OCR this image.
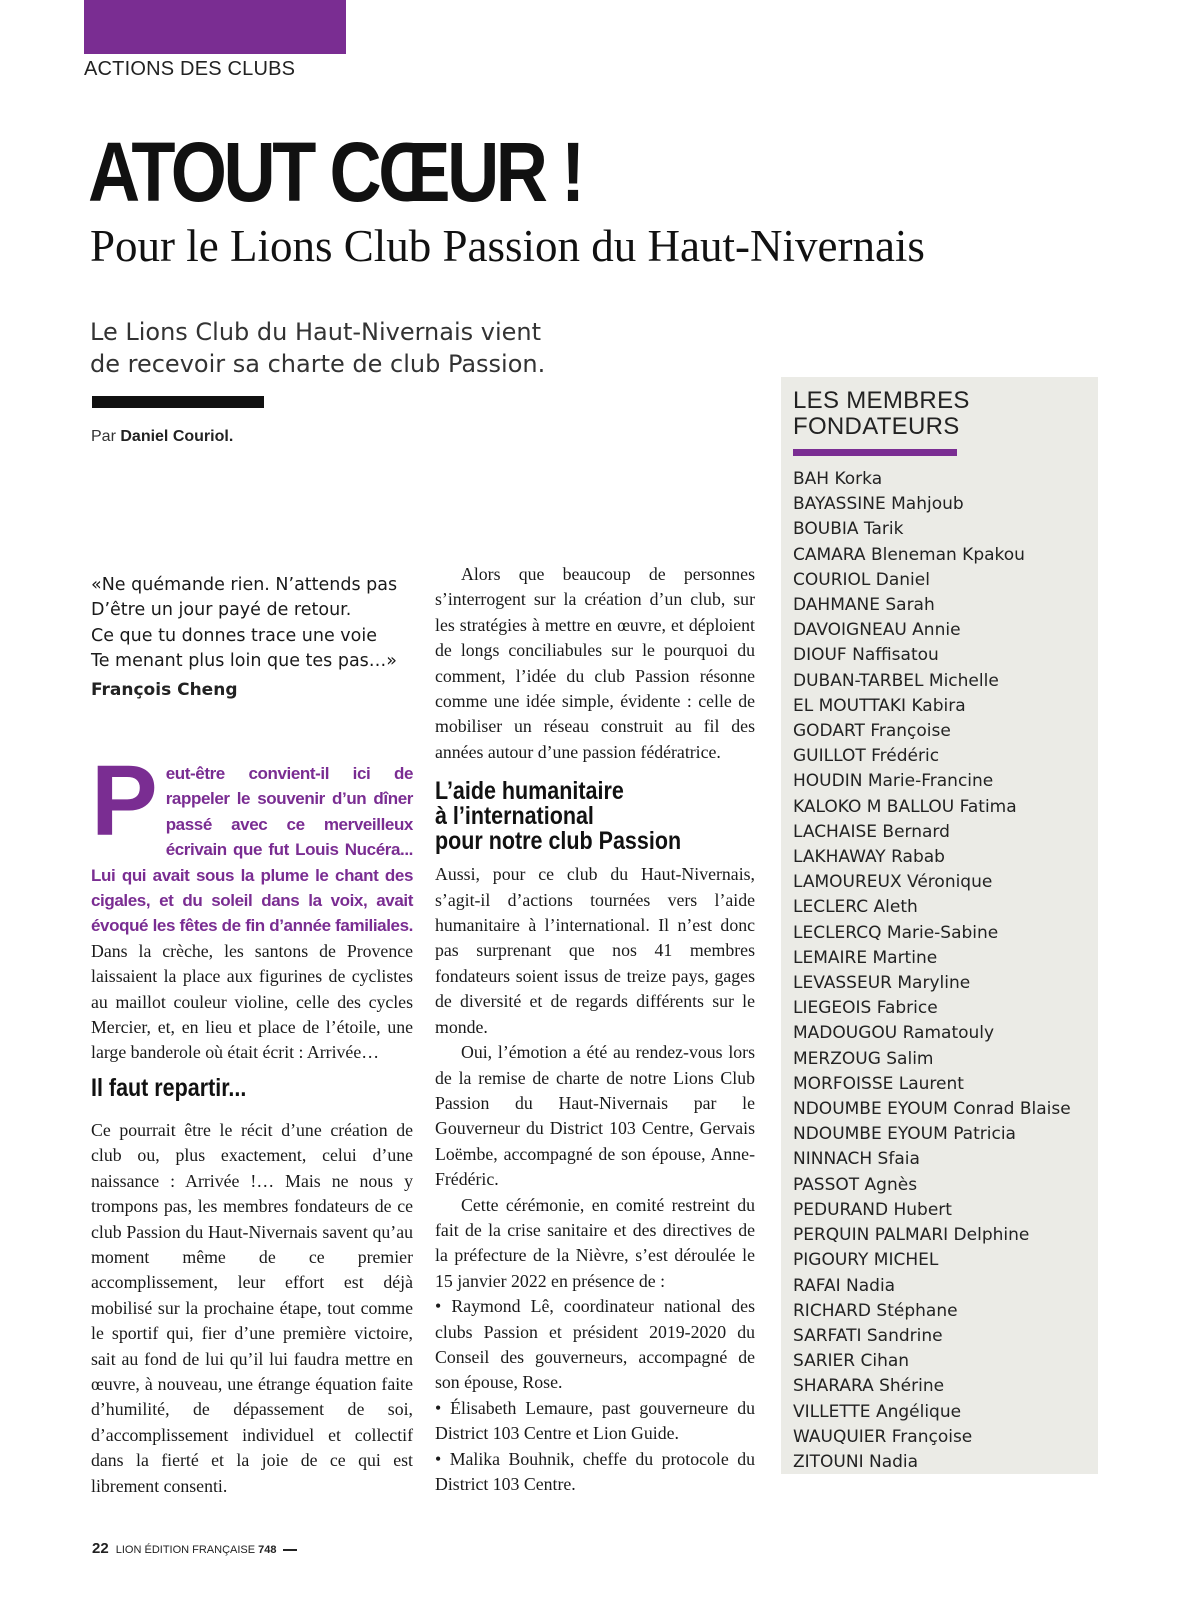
ACTIONS DES CLUBS
ATOUT CŒUR !
Pour le Lions Club Passion du Haut-Nivernais
Le Lions Club du Haut-Nivernais vient
de recevoir sa charte de club Passion.
Par Daniel Couriol.
«Ne quémande rien. N’attends pas
D’être un jour payé de retour.
Ce que tu donnes trace une voie
Te menant plus loin que tes pas…»
François Cheng

Peut-être convient-il ici de rappeler le souvenir d’un dîner passé avec ce merveilleux écrivain que fut Louis Nucéra... Lui qui avait sous la plume le chant des cigales, et du soleil dans la voix, avait évoqué les fêtes de fin d’année familiales. Dans la crèche, les santons de Provence laissaient la place aux figurines de cyclistes au maillot couleur violine, celle des cycles Mercier, et, en lieu et place de l’étoile, une large banderole où était écrit : Arrivée…

Il faut repartir...

Ce pourrait être le récit d’une création de club ou, plus exactement, celui d’une naissance : Arrivée !… Mais ne nous y trompons pas, les membres fondateurs de ce club Passion du Haut-Nivernais savent qu’au moment même de ce premier accomplissement, leur effort est déjà mobilisé sur la prochaine étape, tout comme le sportif qui, fier d’une première victoire, sait au fond de lui qu’il lui faudra mettre en œuvre, à nouveau, une étrange équation faite d’humilité, de dépassement de soi, d’accomplissement individuel et collectif dans la fierté et la joie de ce qui est librement consenti.

Alors que beaucoup de personnes s’interrogent sur la création d’un club, sur les stratégies à mettre en œuvre, et déploient de longs conciliabules sur le pourquoi du comment, l’idée du club Passion résonne comme une idée simple, évidente : celle de mobiliser un réseau construit au fil des années autour d’une passion fédératrice.

L’aide humanitaire
à l’international
pour notre club Passion

Aussi, pour ce club du Haut-Nivernais, s’agit-il d’actions tournées vers l’aide humanitaire à l’international. Il n’est donc pas surprenant que nos 41 membres fondateurs soient issus de treize pays, gages de diversité et de regards différents sur le monde.

Oui, l’émotion a été au rendez-vous lors de la remise de charte de notre Lions Club Passion du Haut-Nivernais par le Gouverneur du District 103 Centre, Gervais Loëmbe, accompagné de son épouse, Anne-Frédéric.

Cette cérémonie, en comité restreint du fait de la crise sanitaire et des directives de la préfecture de la Nièvre, s’est déroulée le 15 janvier 2022 en présence de :

• Raymond Lê, coordinateur national des clubs Passion et président 2019-2020 du Conseil des gouverneurs, accompagné de son épouse, Rose.

• Élisabeth Lemaure, past gouverneure du District 103 Centre et Lion Guide.

• Malika Bouhnik, cheffe du protocole du District 103 Centre.

LES MEMBRES
FONDATEURS
BAH Korka
BAYASSINE Mahjoub
BOUBIA Tarik
CAMARA Bleneman Kpakou
COURIOL Daniel
DAHMANE Sarah
DAVOIGNEAU Annie
DIOUF Naffisatou
DUBAN-TARBEL Michelle
EL MOUTTAKI Kabira
GODART Françoise
GUILLOT Frédéric
HOUDIN Marie-Francine
KALOKO M BALLOU Fatima
LACHAISE Bernard
LAKHAWAY Rabab
LAMOUREUX Véronique
LECLERC Aleth
LECLERCQ Marie-Sabine
LEMAIRE Martine
LEVASSEUR Maryline
LIEGEOIS Fabrice
MADOUGOU Ramatouly
MERZOUG Salim
MORFOISSE Laurent
NDOUMBE EYOUM Conrad Blaise
NDOUMBE EYOUM Patricia
NINNACH Sfaia
PASSOT Agnès
PEDURAND Hubert
PERQUIN PALMARI Delphine
PIGOURY MICHEL
RAFAI Nadia
RICHARD Stéphane
SARFATI Sandrine
SARIER Cihan
SHARARA Shérine
VILLETTE Angélique
WAUQUIER Françoise
ZITOUNI Nadia
22 LION ÉDITION FRANÇAISE 748
